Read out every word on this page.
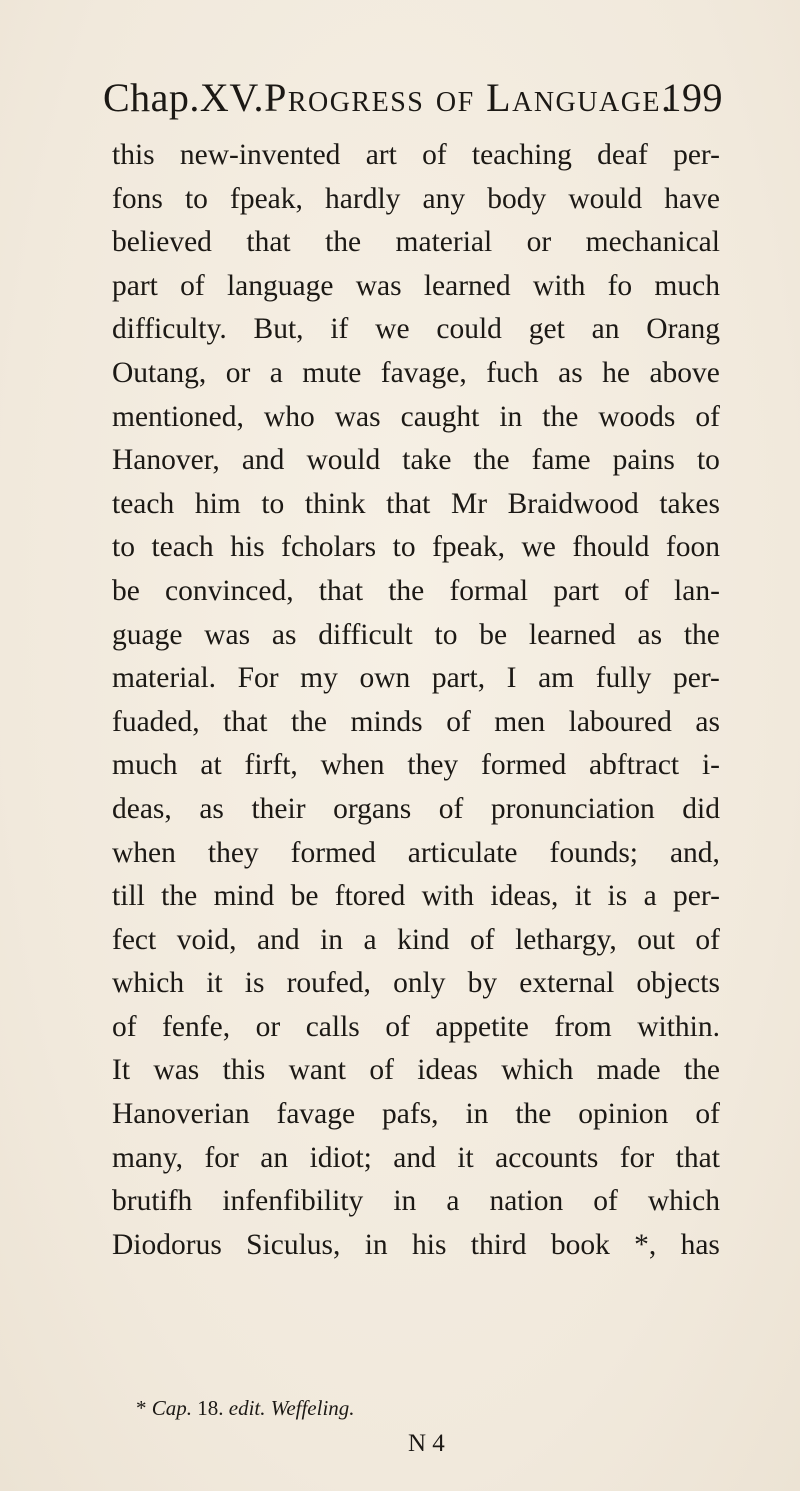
Chap.XV.Progress of Language.
199
this new-invented art of teaching deaf per-
fons to fpeak, hardly any body would have
believed that the material or mechanical
part of language was learned with fo much
difficulty. But, if we could get an Orang
Outang, or a mute favage, fuch as he above
mentioned, who was caught in the woods of
Hanover, and would take the fame pains to
teach him to think that Mr Braidwood takes
to teach his fcholars to fpeak, we fhould foon
be convinced, that the formal part of lan-
guage was as difficult to be learned as the
material. For my own part, I am fully per-
fuaded, that the minds of men laboured as
much at firft, when they formed abftract i-
deas, as their organs of pronunciation did
when they formed articulate founds; and,
till the mind be ftored with ideas, it is a per-
fect void, and in a kind of lethargy, out of
which it is roufed, only by external objects
of fenfe, or calls of appetite from within.
It was this want of ideas which made the
Hanoverian favage pafs, in the opinion of
many, for an idiot; and it accounts for that
brutifh infenfibility in a nation of which
Diodorus Siculus, in his third book *, has
* Cap. 18. edit. Weffeling.
N 4
